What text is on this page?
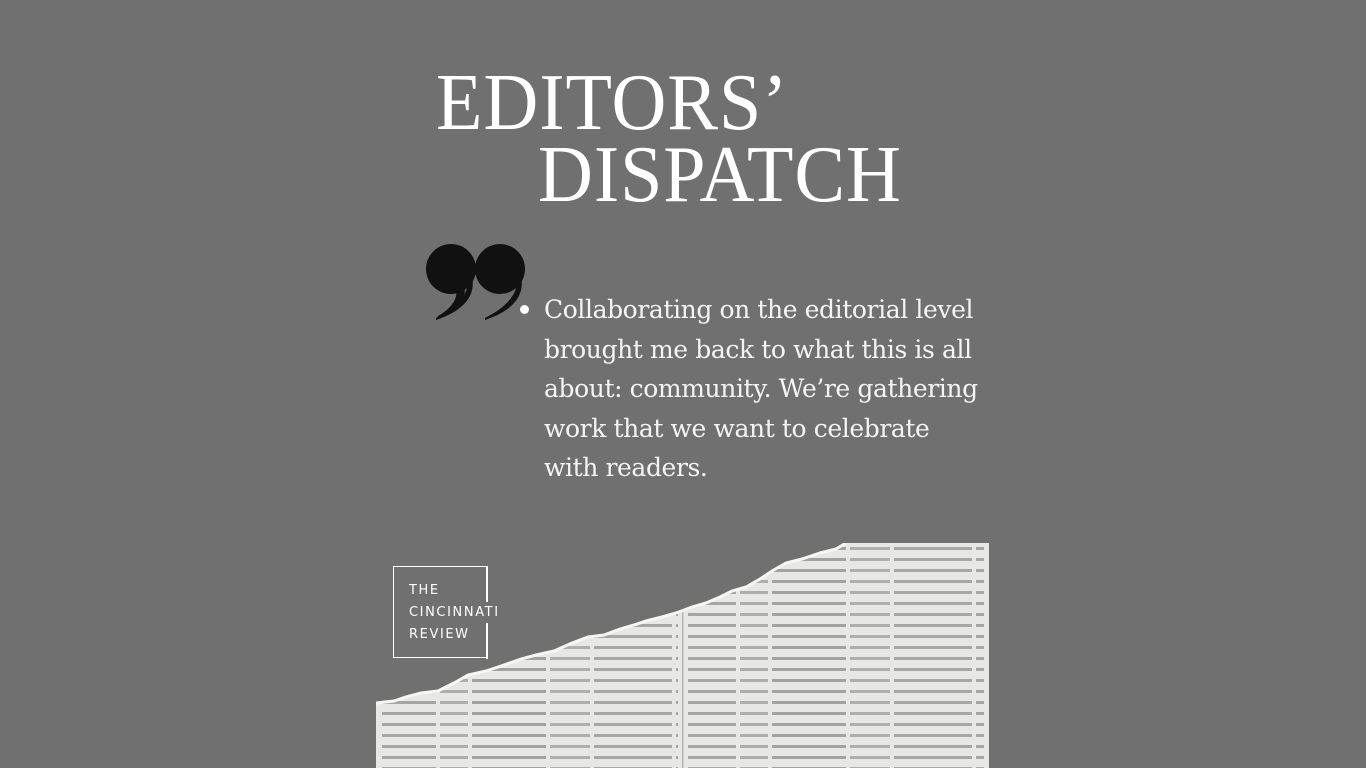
EDITORS’
DISPATCH

Collaborating on the editorial level brought me back to what this is all about: community. We’re gathering work that we want to celebrate with readers.

THE
CINCINNATI
REVIEW
